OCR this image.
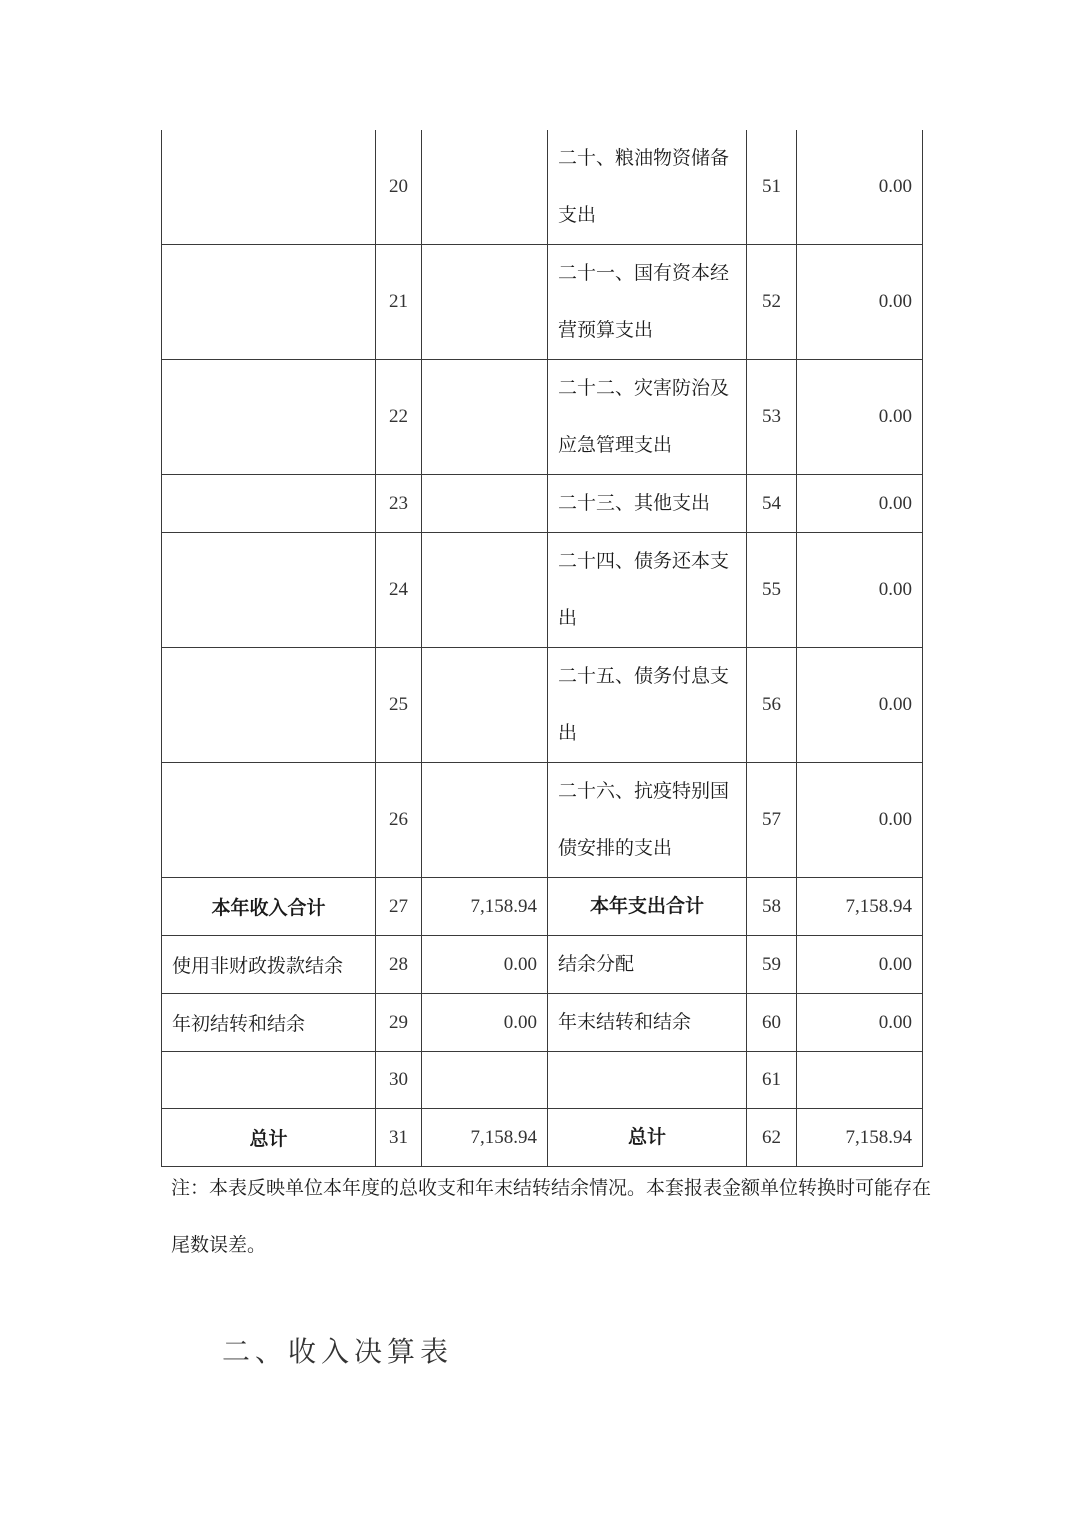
	20		二十、粮油物资储备支出	51	0.00
	21		二十一、国有资本经营预算支出	52	0.00
	22		二十二、灾害防治及应急管理支出	53	0.00
	23		二十三、其他支出	54	0.00
	24		二十四、债务还本支出	55	0.00
	25		二十五、债务付息支出	56	0.00
	26		二十六、抗疫特别国债安排的支出	57	0.00
本年收入合计	27	7,158.94	本年支出合计	58	7,158.94
使用非财政拨款结余	28	0.00	结余分配	59	0.00
年初结转和结余	29	0.00	年末结转和结余	60	0.00
	30			61	
总计	31	7,158.94	总计	62	7,158.94

注：本表反映单位本年度的总收支和年末结转结余情况。本套报表金额单位转换时可能存在尾数误差。

二、收入决算表
